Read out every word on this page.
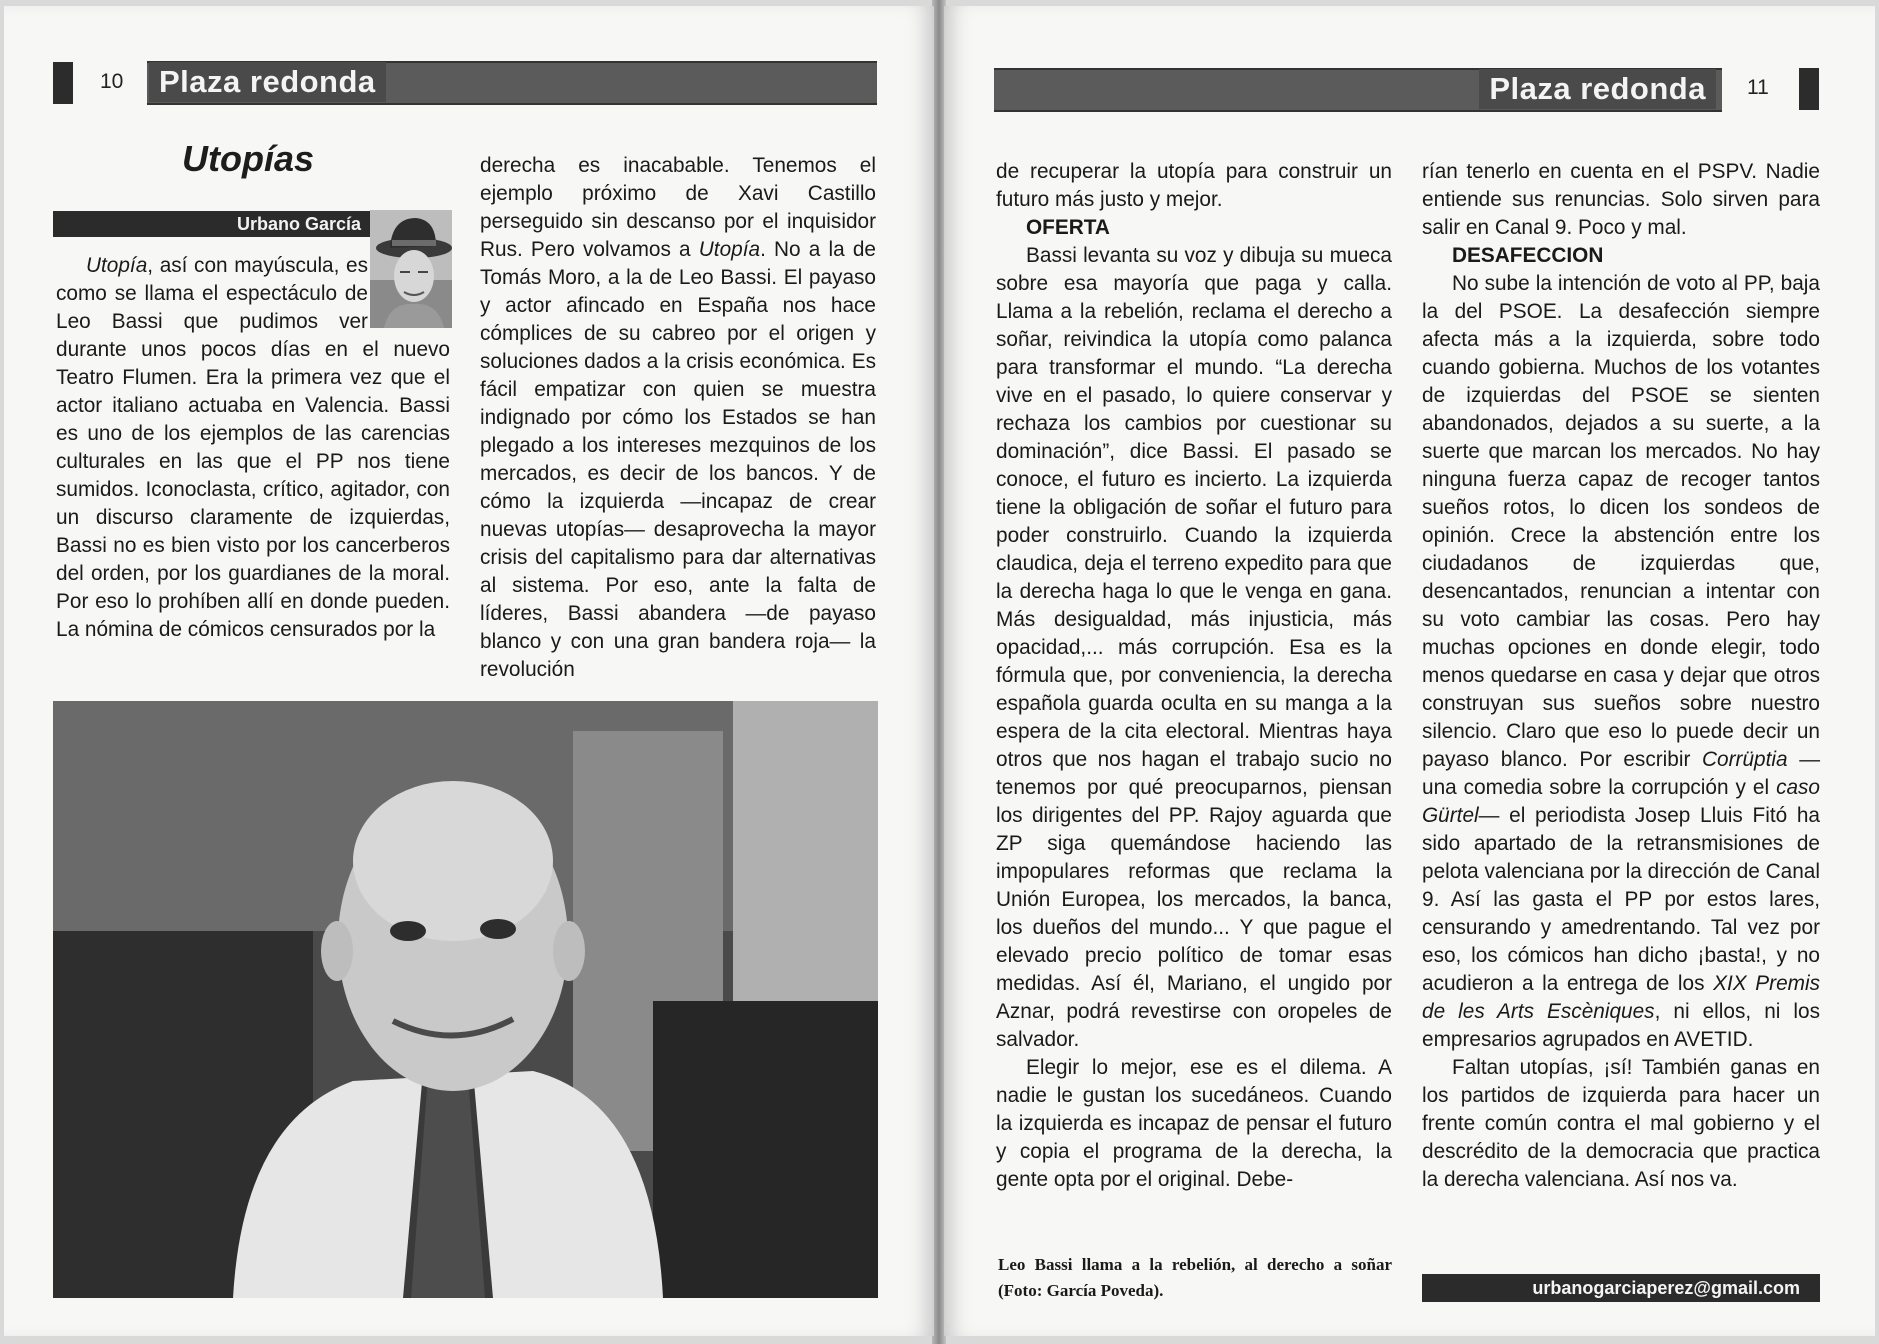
10	Plaza redonda
Utopías
Urbano García

Utopía, así con mayúscula, es como se llama el espectáculo de Leo Bassi que pudimos ver durante unos pocos días en el nuevo Teatro Flumen. Era la primera vez que el actor italiano actuaba en Valencia. Bassi es uno de los ejemplos de las carencias culturales en las que el PP nos tiene sumidos. Iconoclasta, crítico, agitador, con un discurso claramente de izquierdas, Bassi no es bien visto por los cancerberos del orden, por los guardianes de la moral. Por eso lo prohíben allí en donde pueden. La nómina de cómicos censurados por la

derecha es inacabable. Tenemos el ejemplo próximo de Xavi Castillo perseguido sin descanso por el inquisidor Rus. Pero volvamos a Utopía. No a la de Tomás Moro, a la de Leo Bassi. El payaso y actor afincado en España nos hace cómplices de su cabreo por el origen y soluciones dados a la crisis económica. Es fácil empatizar con quien se muestra indignado por cómo los Estados se han plegado a los intereses mezquinos de los mercados, es decir de los bancos. Y de cómo la izquierda —incapaz de crear nuevas utopías— desaprovecha la mayor crisis del capitalismo para dar alternativas al sistema. Por eso, ante la falta de líderes, Bassi abandera —de payaso blanco y con una gran bandera roja— la revolución

Plaza redonda	11

de recuperar la utopía para construir un futuro más justo y mejor.

OFERTA

Bassi levanta su voz y dibuja su mueca sobre esa mayoría que paga y calla. Llama a la rebelión, reclama el derecho a soñar, reivindica la utopía como palanca para transformar el mundo. “La derecha vive en el pasado, lo quiere conservar y rechaza los cambios por cuestionar su dominación”, dice Bassi. El pasado se conoce, el futuro es incierto. La izquierda tiene la obligación de soñar el futuro para poder construirlo. Cuando la izquierda claudica, deja el terreno expedito para que la derecha haga lo que le venga en gana. Más desigualdad, más injusticia, más opacidad,... más corrupción. Esa es la fórmula que, por conveniencia, la derecha española guarda oculta en su manga a la espera de la cita electoral. Mientras haya otros que nos hagan el trabajo sucio no tenemos por qué preocuparnos, piensan los dirigentes del PP. Rajoy aguarda que ZP siga quemándose haciendo las impopulares reformas que reclama la Unión Europea, los mercados, la banca, los dueños del mundo... Y que pague el elevado precio político de tomar esas medidas. Así él, Mariano, el ungido por Aznar, podrá revestirse con oropeles de salvador.

Elegir lo mejor, ese es el dilema. A nadie le gustan los sucedáneos. Cuando la izquierda es incapaz de pensar el futuro y copia el programa de la derecha, la gente opta por el original. Debe-

Leo Bassi llama a la rebelión, al derecho a soñar (Foto: García Poveda).

rían tenerlo en cuenta en el PSPV. Nadie entiende sus renuncias. Solo sirven para salir en Canal 9. Poco y mal.

DESAFECCION

No sube la intención de voto al PP, baja la del PSOE. La desafección siempre afecta más a la izquierda, sobre todo cuando gobierna. Muchos de los votantes de izquierdas del PSOE se sienten abandonados, dejados a su suerte, a la suerte que marcan los mercados. No hay ninguna fuerza capaz de recoger tantos sueños rotos, lo dicen los sondeos de opinión. Crece la abstención entre los ciudadanos de izquierdas que, desencantados, renuncian a intentar con su voto cambiar las cosas. Pero hay muchas opciones en donde elegir, todo menos quedarse en casa y dejar que otros construyan sus sueños sobre nuestro silencio. Claro que eso lo puede decir un payaso blanco. Por escribir Corrüptia —una comedia sobre la corrupción y el caso Gürtel— el periodista Josep Lluis Fitó ha sido apartado de la retransmisiones de pelota valenciana por la dirección de Canal 9. Así las gasta el PP por estos lares, censurando y amedrentando. Tal vez por eso, los cómicos han dicho ¡basta!, y no acudieron a la entrega de los XIX Premis de les Arts Escèniques, ni ellos, ni los empresarios agrupados en AVETID.

Faltan utopías, ¡sí! También ganas en los partidos de izquierda para hacer un frente común contra el mal gobierno y el descrédito de la democracia que practica la derecha valenciana. Así nos va.

urbanogarciaperez@gmail.com
